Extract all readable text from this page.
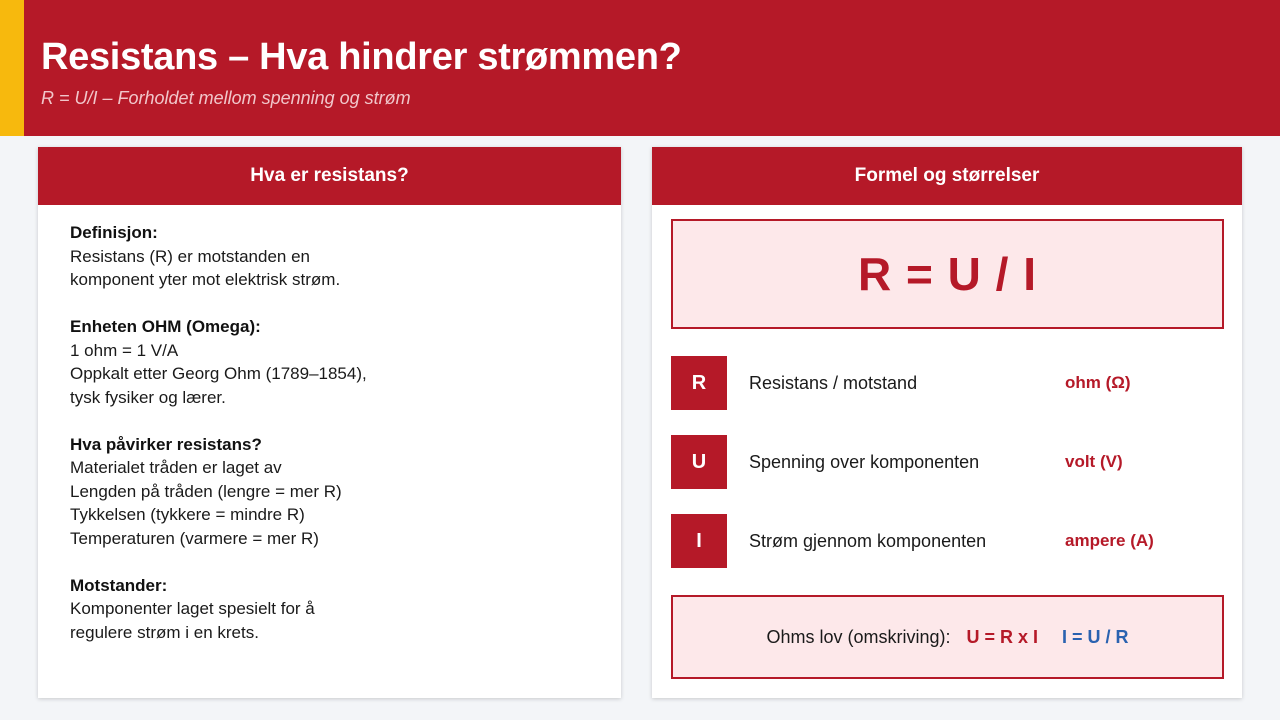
Resistans – Hva hindrer strømmen?
R = U/I – Forholdet mellom spenning og strøm
Hva er resistans?
Definisjon:
Resistans (R) er motstanden en
komponent yter mot elektrisk strøm.
Enheten OHM (Omega):
1 ohm = 1 V/A
Oppkalt etter Georg Ohm (1789–1854),
tysk fysiker og lærer.
Hva påvirker resistans?
Materialet tråden er laget av
Lengden på tråden (lengre = mer R)
Tykkelsen (tykkere = mindre R)
Temperaturen (varmere = mer R)
Motstander:
Komponenter laget spesielt for å
regulere strøm i en krets.
Formel og størrelser
R = U / I
R	Resistans / motstand	ohm (Ω)
U	Spenning over komponenten	volt (V)
I	Strøm gjennom komponenten	ampere (A)
Ohms lov (omskriving): U = R x I I = U / R
